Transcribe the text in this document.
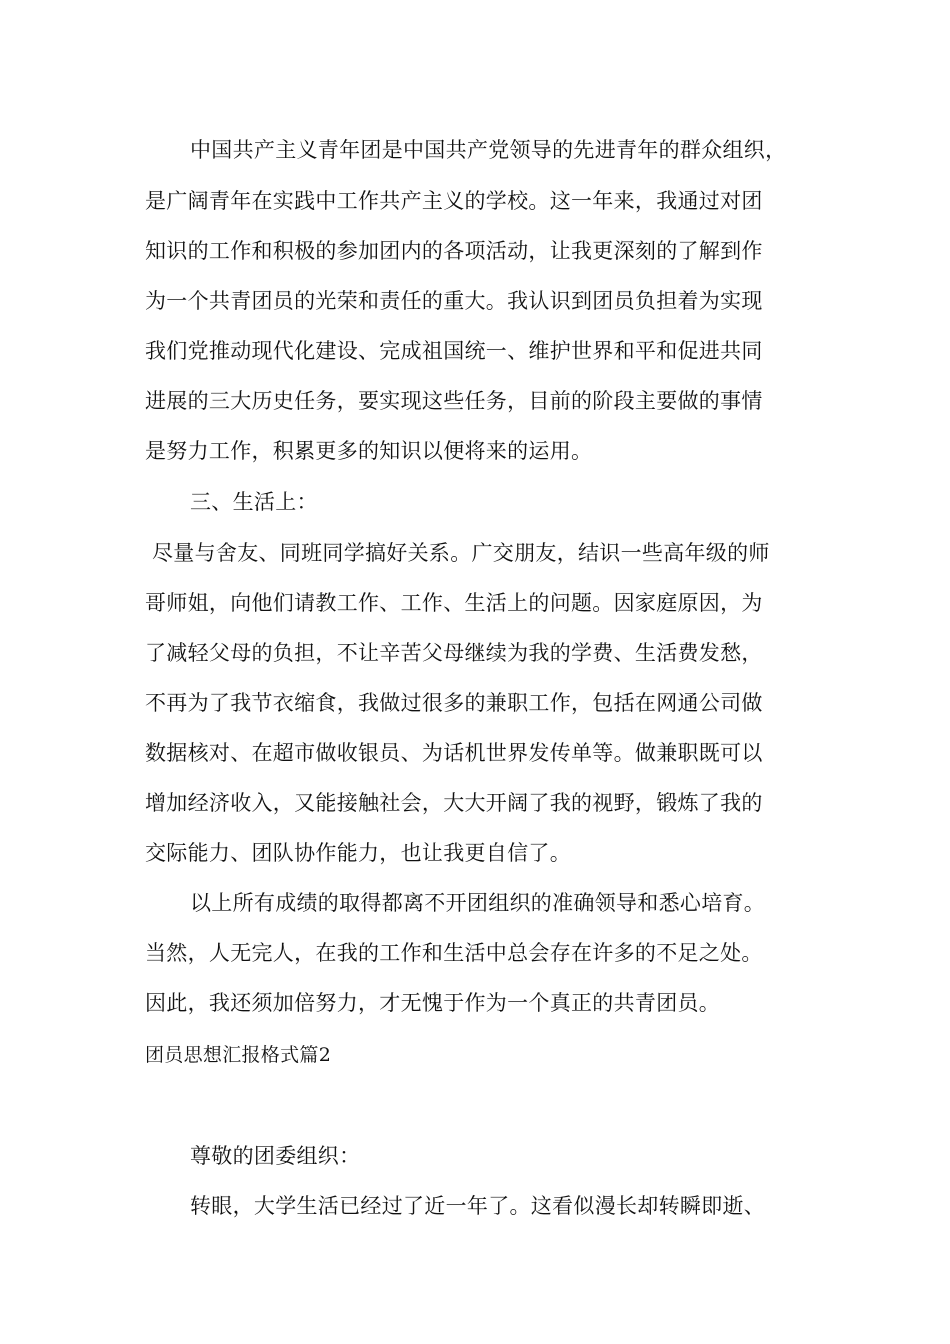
中国共产主义青年团是中国共产党领导的先进青年的群众组织，
是广阔青年在实践中工作共产主义的学校。这一年来，我通过对团
知识的工作和积极的参加团内的各项活动，让我更深刻的了解到作
为一个共青团员的光荣和责任的重大。我认识到团员负担着为实现
我们党推动现代化建设、完成祖国统一、维护世界和平和促进共同
进展的三大历史任务，要实现这些任务，目前的阶段主要做的事情
是努力工作，积累更多的知识以便将来的运用。
三、生活上：
尽量与舍友、同班同学搞好关系。广交朋友，结识一些高年级的师
哥师姐，向他们请教工作、工作、生活上的问题。因家庭原因，为
了减轻父母的负担，不让辛苦父母继续为我的学费、生活费发愁，
不再为了我节衣缩食，我做过很多的兼职工作，包括在网通公司做
数据核对、在超市做收银员、为话机世界发传单等。做兼职既可以
增加经济收入，又能接触社会，大大开阔了我的视野，锻炼了我的
交际能力、团队协作能力，也让我更自信了。
以上所有成绩的取得都离不开团组织的准确领导和悉心培育。
当然，人无完人，在我的工作和生活中总会存在许多的不足之处。
因此，我还须加倍努力，才无愧于作为一个真正的共青团员。
团员思想汇报格式篇2
尊敬的团委组织：
转眼，大学生活已经过了近一年了。这看似漫长却转瞬即逝、
